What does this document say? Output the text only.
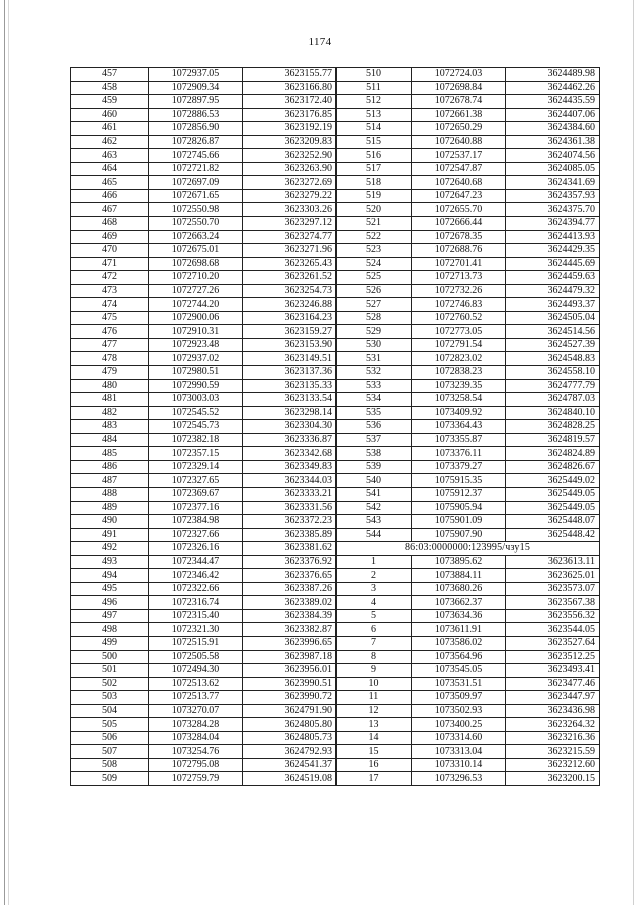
1174
457	1072937.05	3623155.77
458	1072909.34	3623166.80
459	1072897.95	3623172.40
460	1072886.53	3623176.85
461	1072856.90	3623192.19
462	1072826.87	3623209.83
463	1072745.66	3623252.90
464	1072721.82	3623263.90
465	1072697.09	3623272.69
466	1072671.65	3623279.22
467	1072550.98	3623303.26
468	1072550.70	3623297.12
469	1072663.24	3623274.77
470	1072675.01	3623271.96
471	1072698.68	3623265.43
472	1072710.20	3623261.52
473	1072727.26	3623254.73
474	1072744.20	3623246.88
475	1072900.06	3623164.23
476	1072910.31	3623159.27
477	1072923.48	3623153.90
478	1072937.02	3623149.51
479	1072980.51	3623137.36
480	1072990.59	3623135.33
481	1073003.03	3623133.54
482	1072545.52	3623298.14
483	1072545.73	3623304.30
484	1072382.18	3623336.87
485	1072357.15	3623342.68
486	1072329.14	3623349.83
487	1072327.65	3623344.03
488	1072369.67	3623333.21
489	1072377.16	3623331.56
490	1072384.98	3623372.23
491	1072327.66	3623385.89
492	1072326.16	3623381.62
493	1072344.47	3623376.92
494	1072346.42	3623376.65
495	1072322.66	3623387.26
496	1072316.74	3623389.02
497	1072315.40	3623384.39
498	1072321.30	3623382.87
499	1072515.91	3623996.65
500	1072505.58	3623987.18
501	1072494.30	3623956.01
502	1072513.62	3623990.51
503	1072513.77	3623990.72
504	1073270.07	3624791.90
505	1073284.28	3624805.80
506	1073284.04	3624805.73
507	1073254.76	3624792.93
508	1072795.08	3624541.37
509	1072759.79	3624519.08
510	1072724.03	3624489.98
511	1072698.84	3624462.26
512	1072678.74	3624435.59
513	1072661.38	3624407.06
514	1072650.29	3624384.60
515	1072640.88	3624361.38
516	1072537.17	3624074.56
517	1072547.87	3624085.05
518	1072640.68	3624341.69
519	1072647.23	3624357.93
520	1072655.70	3624375.70
521	1072666.44	3624394.77
522	1072678.35	3624413.93
523	1072688.76	3624429.35
524	1072701.41	3624445.69
525	1072713.73	3624459.63
526	1072732.26	3624479.32
527	1072746.83	3624493.37
528	1072760.52	3624505.04
529	1072773.05	3624514.56
530	1072791.54	3624527.39
531	1072823.02	3624548.83
532	1072838.23	3624558.10
533	1073239.35	3624777.79
534	1073258.54	3624787.03
535	1073409.92	3624840.10
536	1073364.43	3624828.25
537	1073355.87	3624819.57
538	1073376.11	3624824.89
539	1073379.27	3624826.67
540	1075915.35	3625449.02
541	1075912.37	3625449.05
542	1075905.94	3625449.05
543	1075901.09	3625448.07
544	1075907.90	3625448.42
86:03:0000000:123995/чзу15		
1	1073895.62	3623613.11
2	1073884.11	3623625.01
3	1073680.26	3623573.07
4	1073662.37	3623567.38
5	1073634.36	3623556.32
6	1073611.91	3623544.05
7	1073586.02	3623527.64
8	1073564.96	3623512.25
9	1073545.05	3623493.41
10	1073531.51	3623477.46
11	1073509.97	3623447.97
12	1073502.93	3623436.98
13	1073400.25	3623264.32
14	1073314.60	3623216.36
15	1073313.04	3623215.59
16	1073310.14	3623212.60
17	1073296.53	3623200.15
